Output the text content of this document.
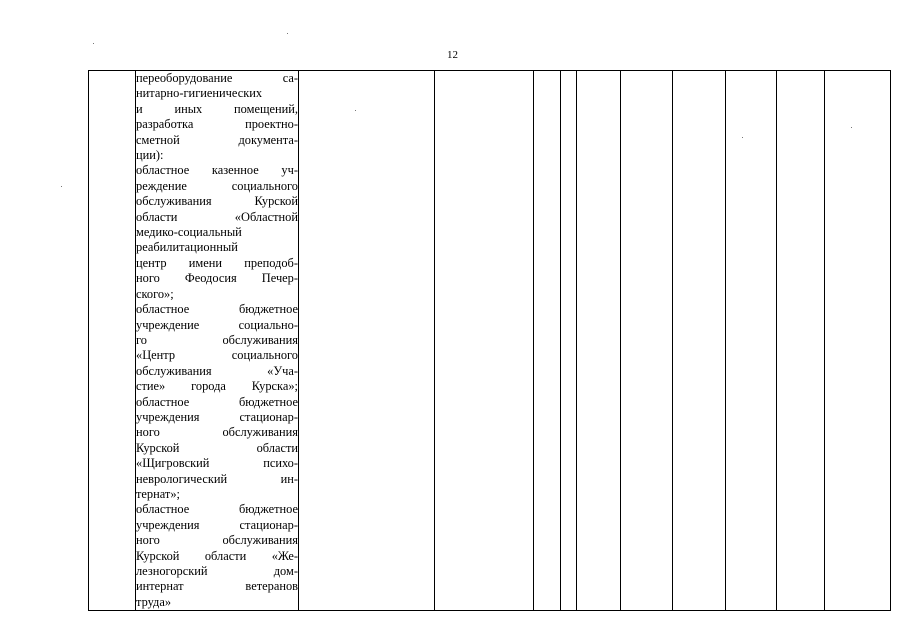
12

переоборудование са-
нитарно-гигиенических
и иных помещений,
разработка проектно-
сметной документа-
ции):
областное казенное уч-
реждение социального
обслуживания Курской
области «Областной
медико-социальный
реабилитационный
центр имени преподоб-
ного Феодосия Печер-
ского»;
областное бюджетное
учреждение социально-
го обслуживания
«Центр социального
обслуживания «Уча-
стие» города Курска»;
областное бюджетное
учреждения стационар-
ного обслуживания
Курской области
«Щигровский психо-
неврологический ин-
тернат»;
областное бюджетное
учреждения стационар-
ного обслуживания
Курской области «Же-
лезногорский дом-
интернат ветеранов
труда»
